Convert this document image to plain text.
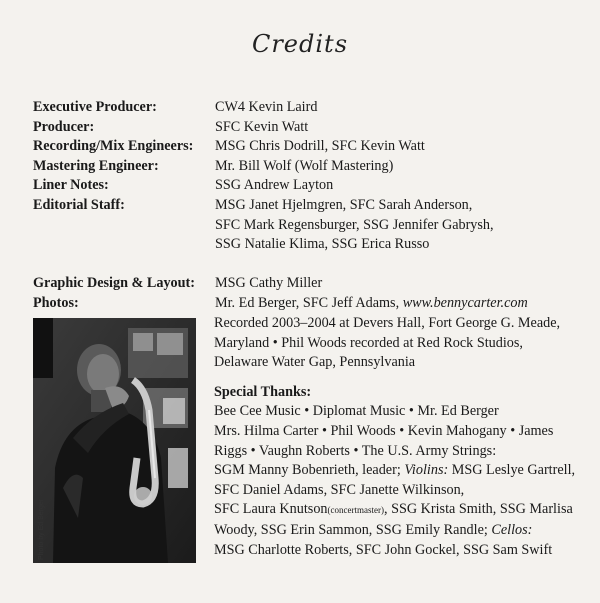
Credits
Executive Producer:	CW4 Kevin Laird
Producer:	SFC Kevin Watt
Recording/Mix Engineers:	MSG Chris Dodrill, SFC Kevin Watt
Mastering Engineer:	Mr. Bill Wolf (Wolf Mastering)
Liner Notes:	SSG Andrew Layton
Editorial Staff:	MSG Janet Hjelmgren, SFC Sarah Anderson,
SFC Mark Regensburger, SSG Jennifer Gabrysh,
SSG Natalie Klima, SSG Erica Russo
Graphic Design & Layout:	MSG Cathy Miller
Photos:	Mr. Ed Berger, SFC Jeff Adams, www.bennycarter.com
Photo by Ed Berger
Recorded 2003–2004 at Devers Hall, Fort George G. Meade,
Maryland • Phil Woods recorded at Red Rock Studios,
Delaware Water Gap, Pennsylvania
Special Thanks:
Bee Cee Music • Diplomat Music • Mr. Ed Berger
Mrs. Hilma Carter • Phil Woods • Kevin Mahogany • James
Riggs • Vaughn Roberts • The U.S. Army Strings:
SGM Manny Bobenrieth, leader; Violins: MSG Leslye Gartrell,
SFC Daniel Adams, SFC Janette Wilkinson,
SFC Laura Knutson(concertmaster), SSG Krista Smith, SSG Marlisa
Woody, SSG Erin Sammon, SSG Emily Randle; Cellos:
MSG Charlotte Roberts, SFC John Gockel, SSG Sam Swift
